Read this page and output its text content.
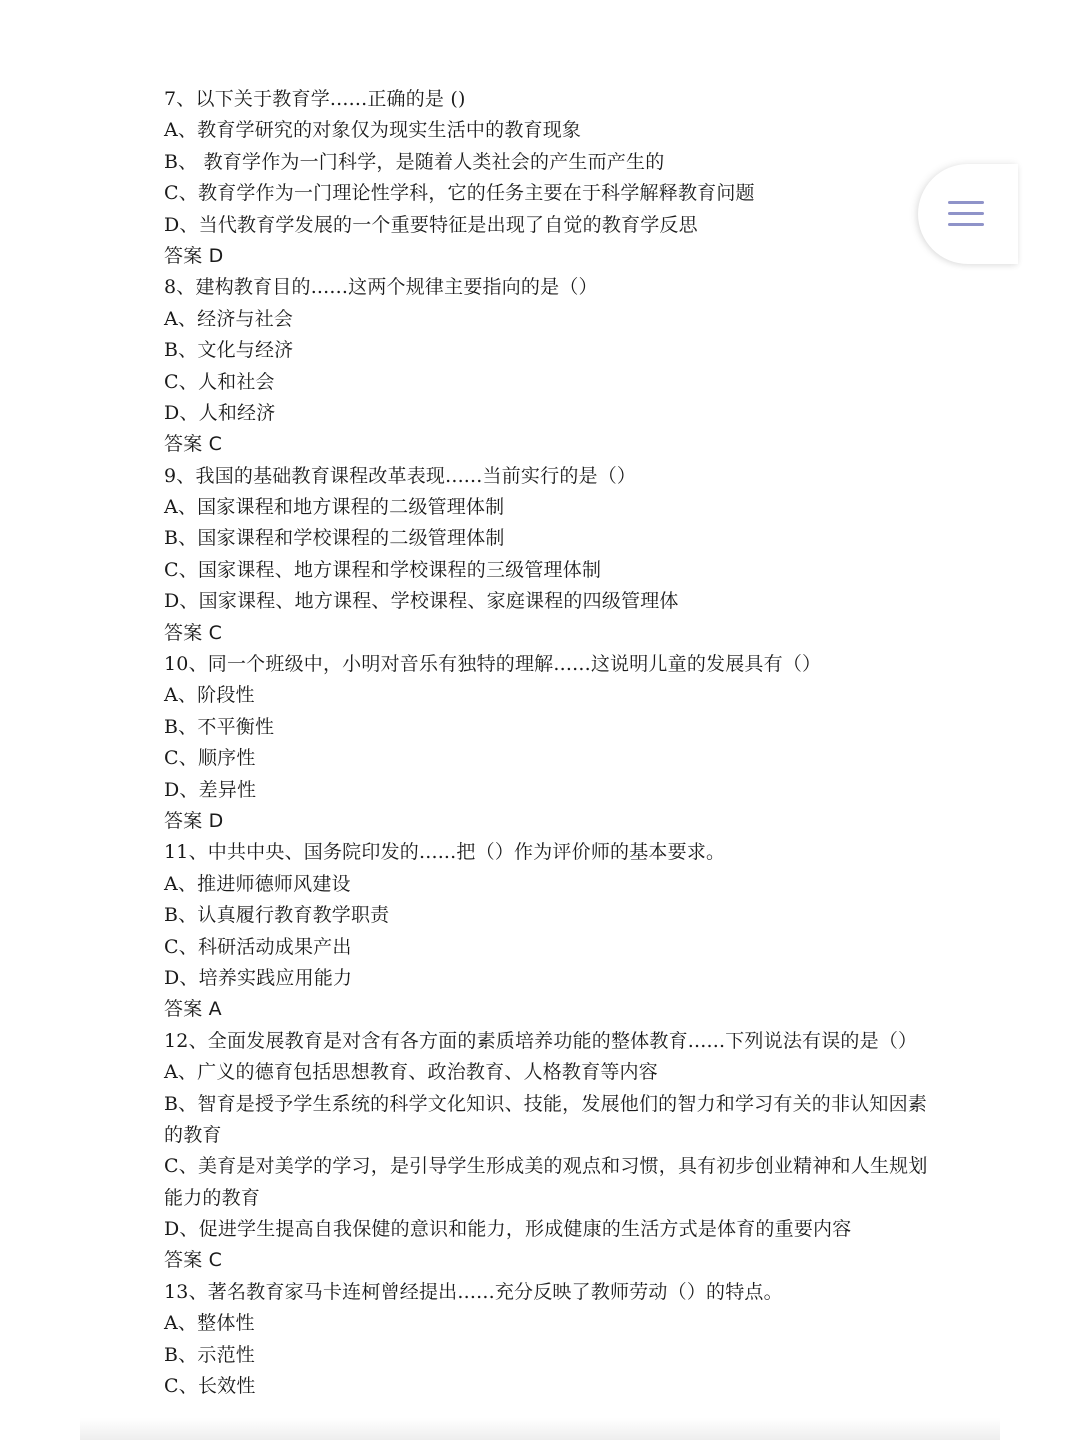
7、以下关于教育学......正确的是 ()
A、教育学研究的对象仅为现实生活中的教育现象
B、 教育学作为一门科学，是随着人类社会的产生而产生的
C、教育学作为一门理论性学科，它的任务主要在于科学解释教育问题
D、当代教育学发展的一个重要特征是出现了自觉的教育学反思
答案 D
8、建构教育目的......这两个规律主要指向的是（）
A、经济与社会
B、文化与经济
C、人和社会
D、人和经济
答案 C
9、我国的基础教育课程改革表现......当前实行的是（）
A、国家课程和地方课程的二级管理体制
B、国家课程和学校课程的二级管理体制
C、国家课程、地方课程和学校课程的三级管理体制
D、国家课程、地方课程、学校课程、家庭课程的四级管理体
答案 C
10、同一个班级中，小明对音乐有独特的理解......这说明儿童的发展具有（）
A、阶段性
B、不平衡性
C、顺序性
D、差异性
答案 D
11、中共中央、国务院印发的......把（）作为评价师的基本要求。
A、推进师德师风建设
B、认真履行教育教学职责
C、科研活动成果产出
D、培养实践应用能力
答案 A
12、全面发展教育是对含有各方面的素质培养功能的整体教育......下列说法有误的是（）
A、广义的德育包括思想教育、政治教育、人格教育等内容
B、智育是授予学生系统的科学文化知识、技能，发展他们的智力和学习有关的非认知因素
的教育
C、美育是对美学的学习，是引导学生形成美的观点和习惯，具有初步创业精神和人生规划
能力的教育
D、促进学生提高自我保健的意识和能力，形成健康的生活方式是体育的重要内容
答案 C
13、著名教育家马卡连柯曾经提出......充分反映了教师劳动（）的特点。
A、整体性
B、示范性
C、长效性
